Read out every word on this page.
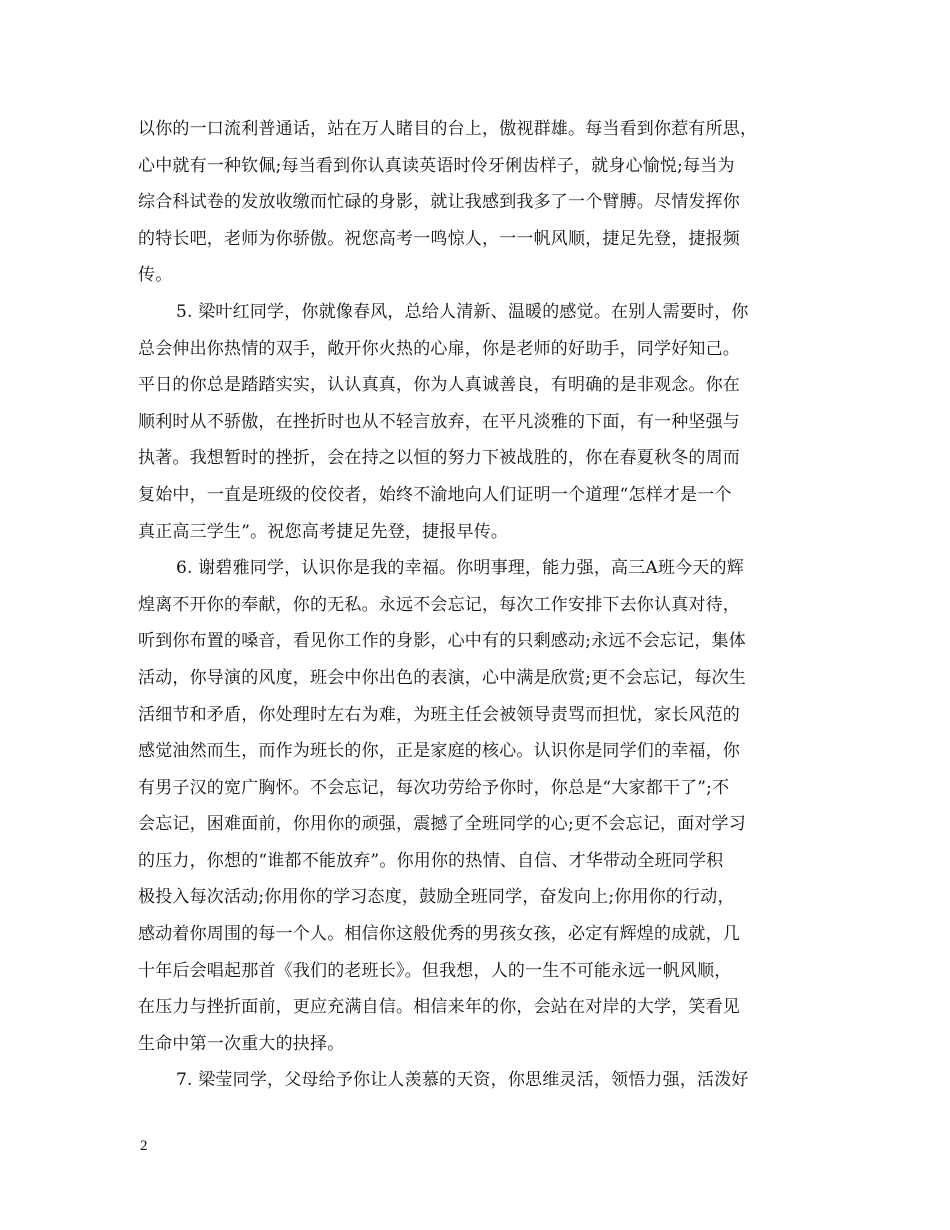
以你的一口流利普通话，站在万人睹目的台上，傲视群雄。每当看到你惹有所思，
心中就有一种钦佩;每当看到你认真读英语时伶牙俐齿样子，就身心愉悦;每当为
综合科试卷的发放收缴而忙碌的身影，就让我感到我多了一个臂膊。尽情发挥你
的特长吧，老师为你骄傲。祝您高考一鸣惊人，一一帆风顺，捷足先登，捷报频
传。
5. 梁叶红同学，你就像春风，总给人清新、温暖的感觉。在别人需要时，你
总会伸出你热情的双手，敞开你火热的心扉，你是老师的好助手，同学好知己。
平日的你总是踏踏实实，认认真真，你为人真诚善良，有明确的是非观念。你在
顺利时从不骄傲，在挫折时也从不轻言放弃，在平凡淡雅的下面，有一种坚强与
执著。我想暂时的挫折，会在持之以恒的努力下被战胜的，你在春夏秋冬的周而
复始中，一直是班级的佼佼者，始终不渝地向人们证明一个道理“怎样才是一个
真正高三学生”。祝您高考捷足先登，捷报早传。
6. 谢碧雅同学，认识你是我的幸福。你明事理，能力强，高三A班今天的辉
煌离不开你的奉献，你的无私。永远不会忘记，每次工作安排下去你认真对待，
听到你布置的嗓音，看见你工作的身影，心中有的只剩感动;永远不会忘记，集体
活动，你导演的风度，班会中你出色的表演，心中满是欣赏;更不会忘记，每次生
活细节和矛盾，你处理时左右为难，为班主任会被领导责骂而担忧，家长风范的
感觉油然而生，而作为班长的你，正是家庭的核心。认识你是同学们的幸福，你
有男子汉的宽广胸怀。不会忘记，每次功劳给予你时，你总是“大家都干了”;不
会忘记，困难面前，你用你的顽强，震撼了全班同学的心;更不会忘记，面对学习
的压力，你想的“谁都不能放弃”。你用你的热情、自信、才华带动全班同学积
极投入每次活动;你用你的学习态度，鼓励全班同学，奋发向上;你用你的行动，
感动着你周围的每一个人。相信你这般优秀的男孩女孩，必定有辉煌的成就，几
十年后会唱起那首《我们的老班长》。但我想，人的一生不可能永远一帆风顺，
在压力与挫折面前，更应充满自信。相信来年的你，会站在对岸的大学，笑看见
生命中第一次重大的抉择。
7. 梁莹同学，父母给予你让人羡慕的天资，你思维灵活，领悟力强，活泼好
2
